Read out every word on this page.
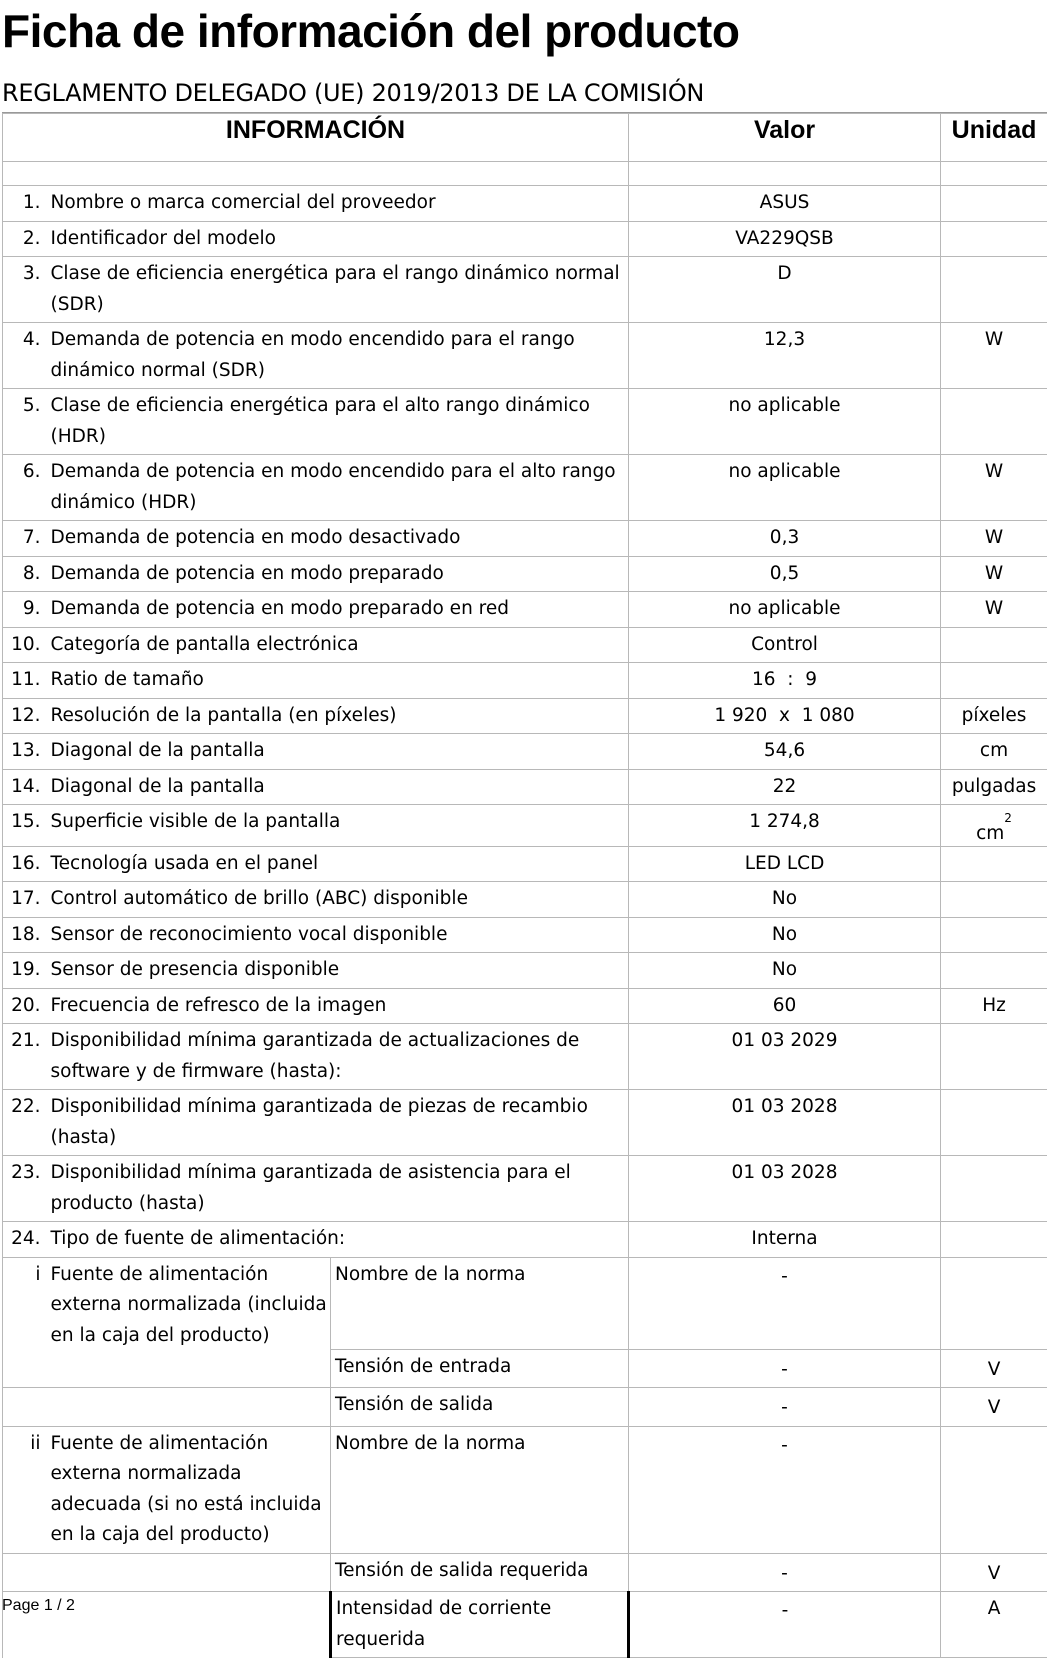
Ficha de información del producto
REGLAMENTO DELEGADO (UE) 2019/2013 DE LA COMISIÓN
INFORMACIÓN			Valor	Unidad

1.	Nombre o marca comercial del proveedor		ASUS	
2.	Identificador del modelo		VA229QSB	
3.	Clase de eficiencia energética para el rango dinámico normal (SDR)		D	
4.	Demanda de potencia en modo encendido para el rango dinámico normal (SDR)		12,3	W
5.	Clase de eficiencia energética para el alto rango dinámico (HDR)		no aplicable	
6.	Demanda de potencia en modo encendido para el alto rango dinámico (HDR)		no aplicable	W
7.	Demanda de potencia en modo desactivado		0,3	W
8.	Demanda de potencia en modo preparado		0,5	W
9.	Demanda de potencia en modo preparado en red		no aplicable	W
10.	Categoría de pantalla electrónica		Control	
11.	Ratio de tamaño		16  :  9	
12.	Resolución de la pantalla (en píxeles)		1 920  x  1 080	píxeles
13.	Diagonal de la pantalla		54,6	cm
14.	Diagonal de la pantalla		22	pulgadas
15.	Superficie visible de la pantalla		1 274,8	$cm^2$
16.	Tecnología usada en el panel		LED LCD	
17.	Control automático de brillo (ABC) disponible		No	
18.	Sensor de reconocimiento vocal disponible		No	
19.	Sensor de presencia disponible		No	
20.	Frecuencia de refresco de la imagen		60	Hz
21.	Disponibilidad mínima garantizada de actualizaciones de software y de firmware (hasta):		01 03 2029	
22.	Disponibilidad mínima garantizada de piezas de recambio (hasta)		01 03 2028	
23.	Disponibilidad mínima garantizada de asistencia para el producto (hasta)		01 03 2028	
24.	Tipo de fuente de alimentación:		Interna	
i	Fuente de alimentación externa normalizada (incluida en la caja del producto)	Nombre de la norma	-	
		Tensión de entrada	-	V
		Tensión de salida	-	V
ii	Fuente de alimentación externa normalizada adecuada (si no está incluida en la caja del producto)	Nombre de la norma	-	
		Tensión de salida requerida	-	V
		Intensidad de corriente requerida	-	A
Page 1 / 2
